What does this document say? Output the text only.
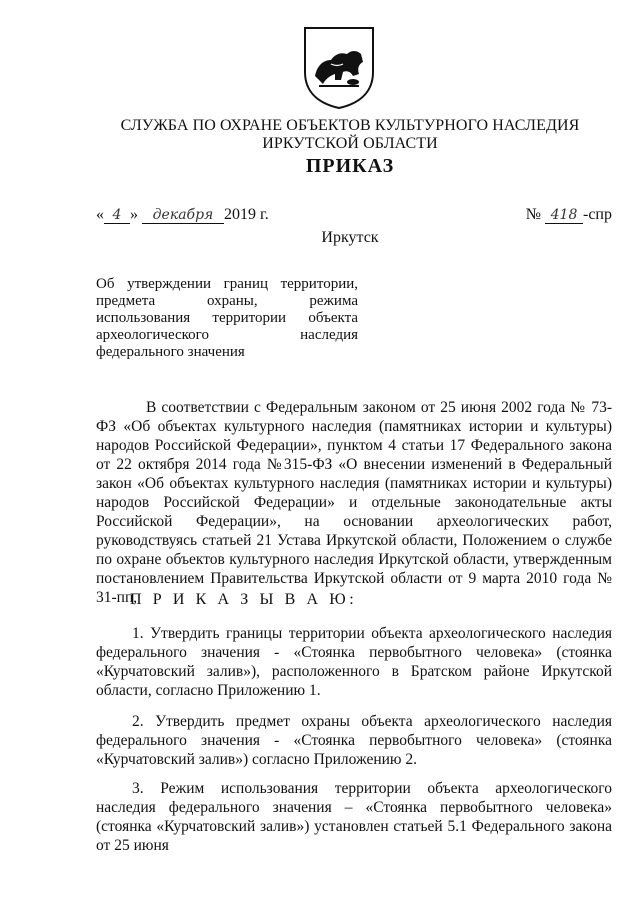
СЛУЖБА ПО ОХРАНЕ ОБЪЕКТОВ КУЛЬТУРНОГО НАСЛЕДИЯ
ИРКУТСКОЙ ОБЛАСТИ
ПРИКАЗ
« 4 » декабря 2019 г.	№ 418 -спр
Иркутск
Об утверждении границ территории,
предмета охраны, режима
использования территории объекта
археологического наследия
федерального значения

В соответствии с Федеральным законом от 25 июня 2002 года № 73-ФЗ «Об объектах культурного наследия (памятниках истории и культуры) народов Российской Федерации», пунктом 4 статьи 17 Федерального закона от 22 октября 2014 года №315-ФЗ «О внесении изменений в Федеральный закон «Об объектах культурного наследия (памятниках истории и культуры) народов Российской Федерации» и отдельные законодательные акты Российской Федерации», на основании археологических работ, руководствуясь статьей 21 Устава Иркутской области, Положением о службе по охране объектов культурного наследия Иркутской области, утвержденным постановлением Правительства Иркутской области от 9 марта 2010 года № 31-пп,

П Р И К А З Ы В А Ю:

1. Утвердить границы территории объекта археологического наследия федерального значения - «Стоянка первобытного человека» (стоянка «Курчатовский залив»), расположенного в Братском районе Иркутской области, согласно Приложению 1.

2. Утвердить предмет охраны объекта археологического наследия федерального значения - «Стоянка первобытного человека» (стоянка «Курчатовский залив») согласно Приложению 2.

3. Режим использования территории объекта археологического наследия федерального значения – «Стоянка первобытного человека» (стоянка «Курчатовский залив») установлен статьей 5.1 Федерального закона от 25 июня
